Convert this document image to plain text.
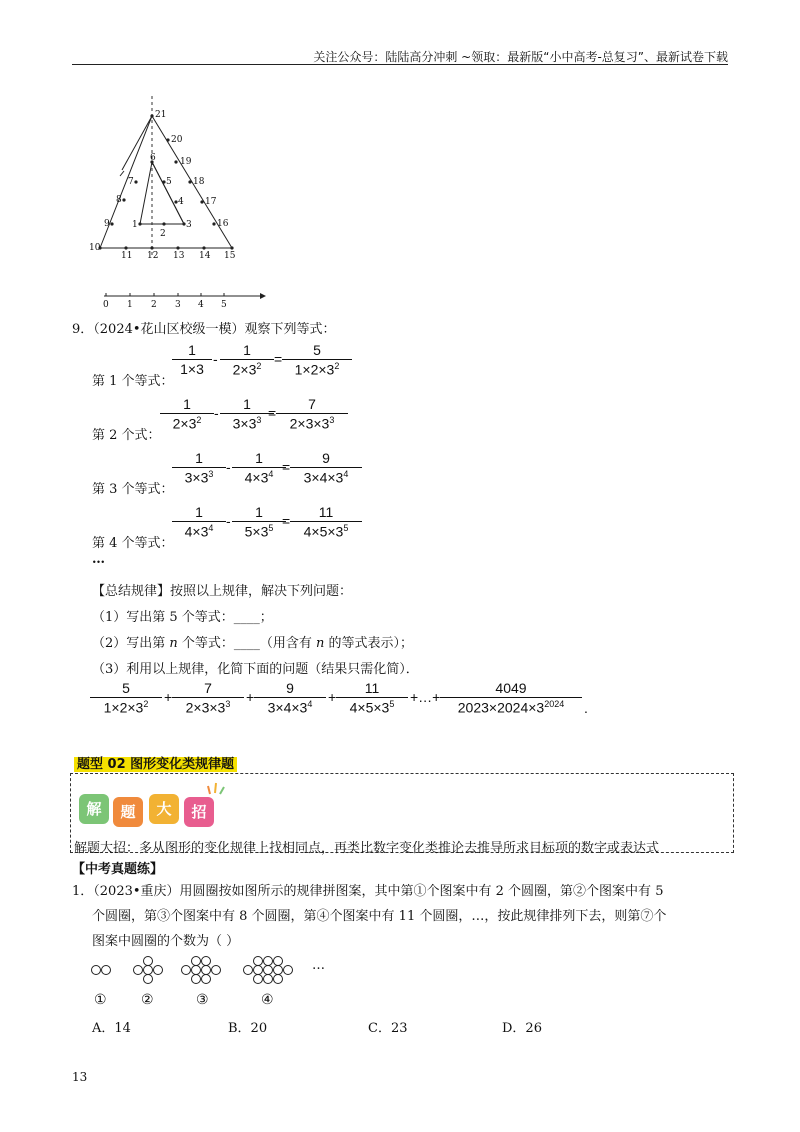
关注公众号：陆陆高分冲刺 ~领取：最新版“小中高考-总复习”、最新试卷下载
21
20
19
18
17
16
15
14
13
12
11
10
9
8
7
6
5
4
3
2
1
0 1 2 3 4 5
9．（2024•花山区校级一模）观察下列等式：
第 1 个等式：
1
1×3
-
1
$2\times 3^2$ =
5
$1\times 2\times 3^2$
第 2 个式：
1
$2\times 3^2$ -
1
$3\times 3^3$ =
7
$2\times 3\times 3^3$
第 3 个等式：
1
$3\times 3^3$ -
1
$4\times 3^4$ =
9
$3\times 4\times 3^4$
第 4 个等式：
1
$4\times 3^4$ -
1
$5\times 3^5$ =
11
$4\times 5\times 3^5$
…
【总结规律】按照以上规律，解决下列问题：
（1）写出第 5 个等式：____；
（2）写出第 n 个等式：____（用含有 n 的等式表示）；
（3）利用以上规律，化简下面的问题（结果只需化简）．
5
$1\times 2\times 3^2$	+
7
$2\times 3\times 3^3$	+
9
$3\times 4\times 3^4$	+
11
$4\times 5\times 3^5$	+…+
4049
$2023\times 2024\times 3^{2024}$	.
题型 02 图形变化类规律题
解	题	大	招
解题大招：多从图形的变化规律上找相同点，再类比数字变化类推论去推导所求目标项的数字或表达式
【中考真题练】
1．（2023•重庆）用圆圈按如图所示的规律拼图案，其中第①个图案中有 2 个圆圈，第②个图案中有 5
个圆圈，第③个图案中有 8 个圆圈，第④个图案中有 11 个圆圈，…，按此规律排列下去，则第⑦个
图案中圆圈的个数为（ ）
…
① ②	③	④
A．14	B．20	C．23	D．26
13
